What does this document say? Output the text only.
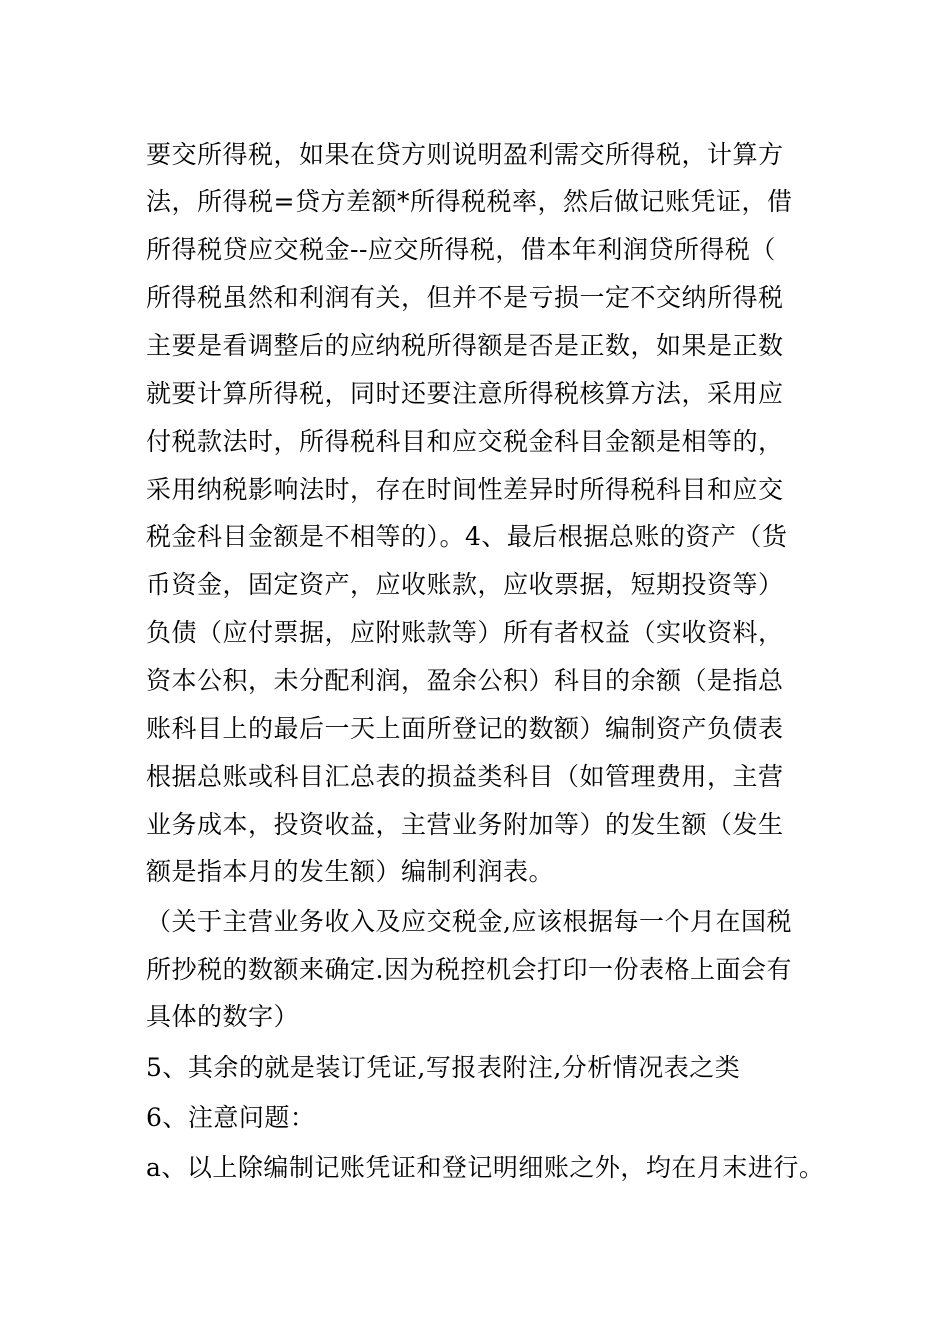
要交所得税，如果在贷方则说明盈利需交所得税，计算方
法，所得税=贷方差额*所得税税率，然后做记账凭证，借
所得税贷应交税金--应交所得税，借本年利润贷所得税（
所得税虽然和利润有关，但并不是亏损一定不交纳所得税
主要是看调整后的应纳税所得额是否是正数，如果是正数
就要计算所得税，同时还要注意所得税核算方法，采用应
付税款法时，所得税科目和应交税金科目金额是相等的，
采用纳税影响法时，存在时间性差异时所得税科目和应交
税金科目金额是不相等的）。4、最后根据总账的资产（货
币资金，固定资产，应收账款，应收票据，短期投资等）
负债（应付票据，应附账款等）所有者权益（实收资料，
资本公积，未分配利润，盈余公积）科目的余额（是指总
账科目上的最后一天上面所登记的数额）编制资产负债表
根据总账或科目汇总表的损益类科目（如管理费用，主营
业务成本，投资收益，主营业务附加等）的发生额（发生
额是指本月的发生额）编制利润表。
（关于主营业务收入及应交税金,应该根据每一个月在国税
所抄税的数额来确定.因为税控机会打印一份表格上面会有
具体的数字）
5、其余的就是装订凭证,写报表附注,分析情况表之类
6、注意问题：
a、以上除编制记账凭证和登记明细账之外，均在月末进行。
